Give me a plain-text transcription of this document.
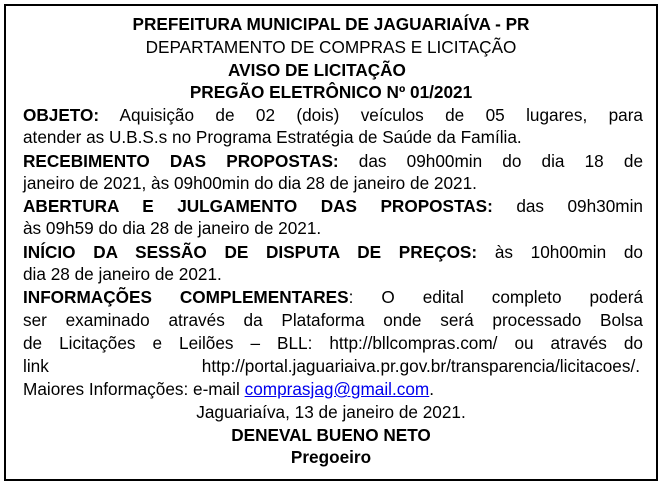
PREFEITURA MUNICIPAL DE JAGUARIAÍVA - PR
DEPARTAMENTO DE COMPRAS E LICITAÇÃO
AVISO DE LICITAÇÃO
PREGÃO ELETRÔNICO Nº 01/2021
OBJETO: Aquisição de 02 (dois) veículos de 05 lugares, para
atender as U.B.S.s no Programa Estratégia de Saúde da Família.
RECEBIMENTO DAS PROPOSTAS: das 09h00min do dia 18 de
janeiro de 2021, às 09h00min do dia 28 de janeiro de 2021.
ABERTURA E JULGAMENTO DAS PROPOSTAS: das 09h30min
às 09h59 do dia 28 de janeiro de 2021.
INÍCIO DA SESSÃO DE DISPUTA DE PREÇOS: às 10h00min do
dia 28 de janeiro de 2021.
INFORMAÇÕES COMPLEMENTARES: O edital completo poderá
ser examinado através da Plataforma onde será processado Bolsa
de Licitações e Leilões – BLL: http://bllcompras.com/ ou através do
link	http://portal.jaguariaiva.pr.gov.br/transparencia/licitacoes/.
Maiores Informações: e-mail comprasjag@gmail.com.
Jaguariaíva, 13 de janeiro de 2021.
DENEVAL BUENO NETO
Pregoeiro
